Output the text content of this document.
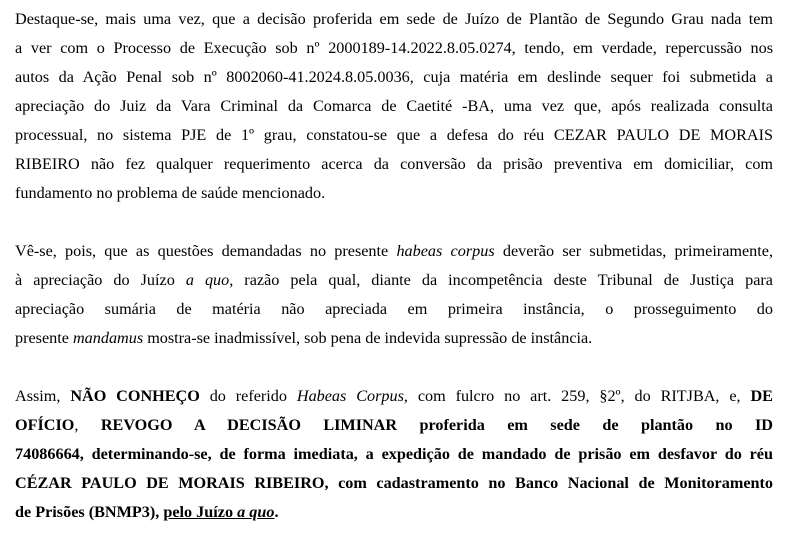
Destaque-se, mais uma vez, que a decisão proferida em sede de Juízo de Plantão de Segundo Grau nada tem
a ver com o Processo de Execução sob nº 2000189-14.2022.8.05.0274, tendo, em verdade, repercussão nos
autos da Ação Penal sob nº 8002060-41.2024.8.05.0036, cuja matéria em deslinde sequer foi submetida a
apreciação do Juiz da Vara Criminal da Comarca de Caetité -BA, uma vez que, após realizada consulta
processual, no sistema PJE de 1º grau, constatou-se que a defesa do réu CEZAR PAULO DE MORAIS
RIBEIRO não fez qualquer requerimento acerca da conversão da prisão preventiva em domiciliar, com
fundamento no problema de saúde mencionado.

Vê-se, pois, que as questões demandadas no presente habeas corpus deverão ser submetidas, primeiramente,
à apreciação do Juízo a quo, razão pela qual, diante da incompetência deste Tribunal de Justiça para
apreciação sumária de matéria não apreciada em primeira instância, o prosseguimento do
presente mandamus mostra-se inadmissível, sob pena de indevida supressão de instância.

Assim, NÃO CONHEÇO do referido Habeas Corpus, com fulcro no art. 259, §2º, do RITJBA, e, DE
OFÍCIO, REVOGO A DECISÃO LIMINAR proferida em sede de plantão no ID
74086664, determinando-se, de forma imediata, a expedição de mandado de prisão em desfavor do réu
CÉZAR PAULO DE MORAIS RIBEIRO, com cadastramento no Banco Nacional de Monitoramento
de Prisões (BNMP3), pelo Juízo a quo.
